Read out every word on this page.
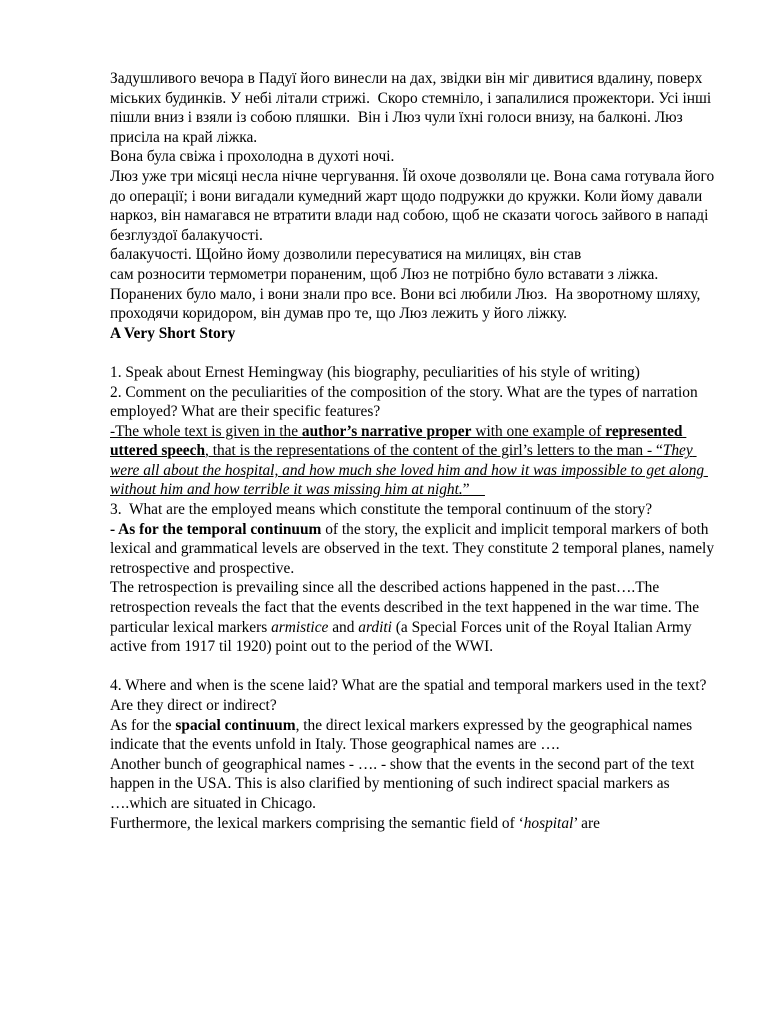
Задушливого вечора в Падуї його винесли на дах, звідки він міг дивитися вдалину, поверх міських будинків. У небі літали стрижі.  Скоро стемніло, і запалилися прожектори. Усі інші пішли вниз і взяли із собою пляшки.  Він і Люз чули їхні голоси внизу, на балконі. Люз присіла на край ліжка.

Вона була свіжа і прохолодна в духоті ночі.

Люз уже три місяці несла нічне чергування. Їй охоче дозволяли це. Вона сама готувала його до операції; і вони вигадали кумедний жарт щодо подружки до кружки. Коли йому давали наркоз, він намагався не втратити влади над собою, щоб не сказати чогось зайвого в нападі безглуздої балакучості.

балакучості. Щойно йому дозволили пересуватися на милицях, він став

сам розносити термометри пораненим, щоб Люз не потрібно було вставати з ліжка. Поранених було мало, і вони знали про все. Вони всі любили Люз.  На зворотному шляху, проходячи коридором, він думав про те, що Люз лежить у його ліжку.

A Very Short Story

1. Speak about Ernest Hemingway (his biography, peculiarities of his style of writing)

2. Comment on the peculiarities of the composition of the story. What are the types of narration employed? What are their specific features?

-The whole text is given in the author’s narrative proper with one example of represented uttered speech, that is the representations of the content of the girl’s letters to the man - “They were all about the hospital, and how much she loved him and how it was impossible to get along without him and how terrible it was missing him at night.”

3.  What are the employed means which constitute the temporal continuum of the story?

- As for the temporal continuum of the story, the explicit and implicit temporal markers of both lexical and grammatical levels are observed in the text. They constitute 2 temporal planes, namely retrospective and prospective.

The retrospection is prevailing since all the described actions happened in the past….The retrospection reveals the fact that the events described in the text happened in the war time. The particular lexical markers armistice and arditi (a Special Forces unit of the Royal Italian Army active from 1917 til 1920) point out to the period of the WWI.

4. Where and when is the scene laid? What are the spatial and temporal markers used in the text? Are they direct or indirect?

As for the spacial continuum, the direct lexical markers expressed by the geographical names indicate that the events unfold in Italy. Those geographical names are ….

Another bunch of geographical names - …. - show that the events in the second part of the text happen in the USA. This is also clarified by mentioning of such indirect spacial markers as ….which are situated in Chicago.

Furthermore, the lexical markers comprising the semantic field of ‘hospital’ are
